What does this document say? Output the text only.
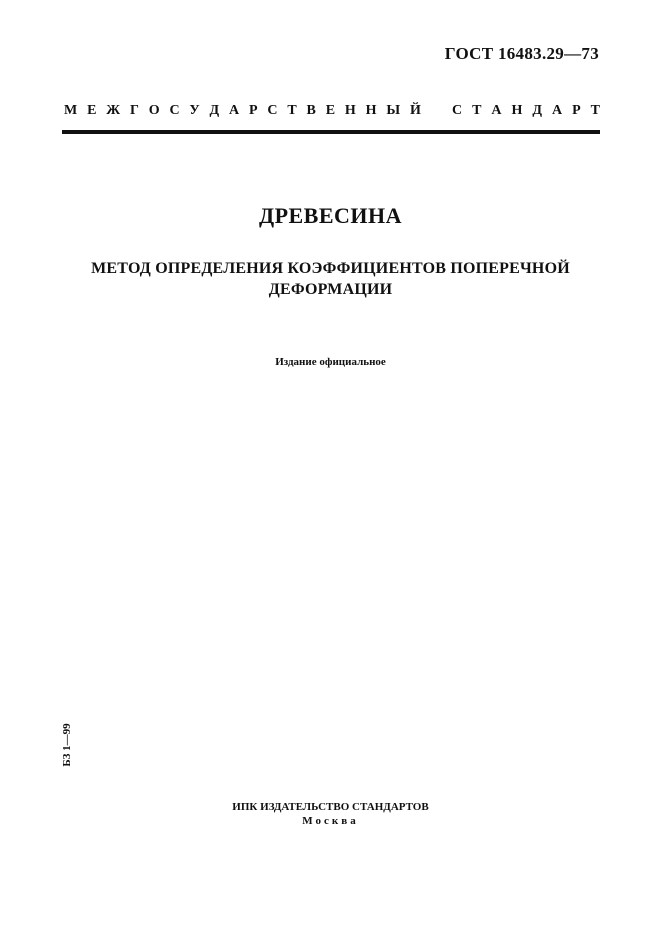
ГОСТ 16483.29—73
М Е Ж Г О С У Д А Р С Т В Е Н Н Ы Й С Т А Н Д А Р Т
ДРЕВЕСИНА
МЕТОД ОПРЕДЕЛЕНИЯ КОЭФФИЦИЕНТОВ ПОПЕРЕЧНОЙ
ДЕФОРМАЦИИ
Издание официальное
БЗ 1—99
ИПК ИЗДАТЕЛЬСТВО СТАНДАРТОВ
Москва
